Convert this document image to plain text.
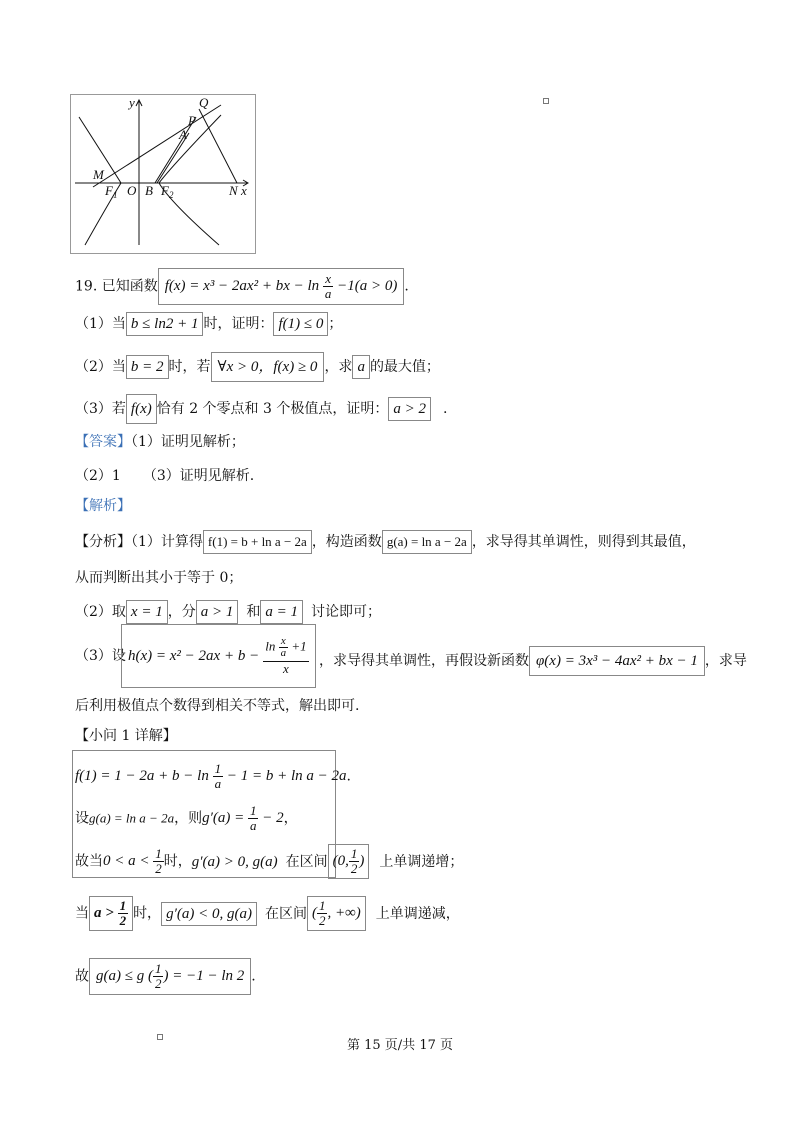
y	Q
P
A
M
F 1 O B F 2	N x
19. 已知函数 f(x) = x³ − 2ax² + bx − $\ln \frac{x}{a} -1(a > 0)$ .
（1）当 b ≤ ln2 + 1 时，证明： f(1) ≤ 0 ；
（2）当 b = 2 时，若 ∀x > 0，f(x) ≥ 0 ，求 a 的最大值；
（3）若 f(x) 恰有 2 个零点和 3 个极值点，证明： a > 2 .
【答案】（1）证明见解析；
（2）1 （3）证明见解析.
【解析】
【分析】（1）计算得 f(1) = b + ln a − 2a ，构造函数 g(a) = ln a − 2a ，求导得其单调性，则得到其最值，
从而判断出其小于等于 0；
（2）取 x = 1 ，分 a > 1 和 a = 1 讨论即可；
（3）设 $h(x) = x^2 - 2ax + b - \frac{\ln \frac{x}{a} +1}{x}$ ，求导得其单调性，再假设新函数 φ(x) = 3x³ − 4ax² + bx − 1 ，求导
后利用极值点个数得到相关不等式，解出即可.
【小问 1 详解】
$f(1) = 1 - 2a + b - \ln \frac{1}{a} - 1 = b + \ln a - 2a$.
设g(a) = ln a − 2a，则$g'(a) = \frac{1}{a} - 2$，
故当$0 < a < \frac{1}{2}$ 时，g′(a) > 0, g(a) 在区间(0, $\frac{1}{2}$ )上单调递增；
当 $a > \frac{1}{2}$ 时， g′(a) < 0, g(a) 在区间( $\frac{1}{2}$ , +∞)上单调递减，
故 g(a) ≤ g ( $\frac{1}{2}$ ) = −1 − ln 2 .
第 15 页/共 17 页
